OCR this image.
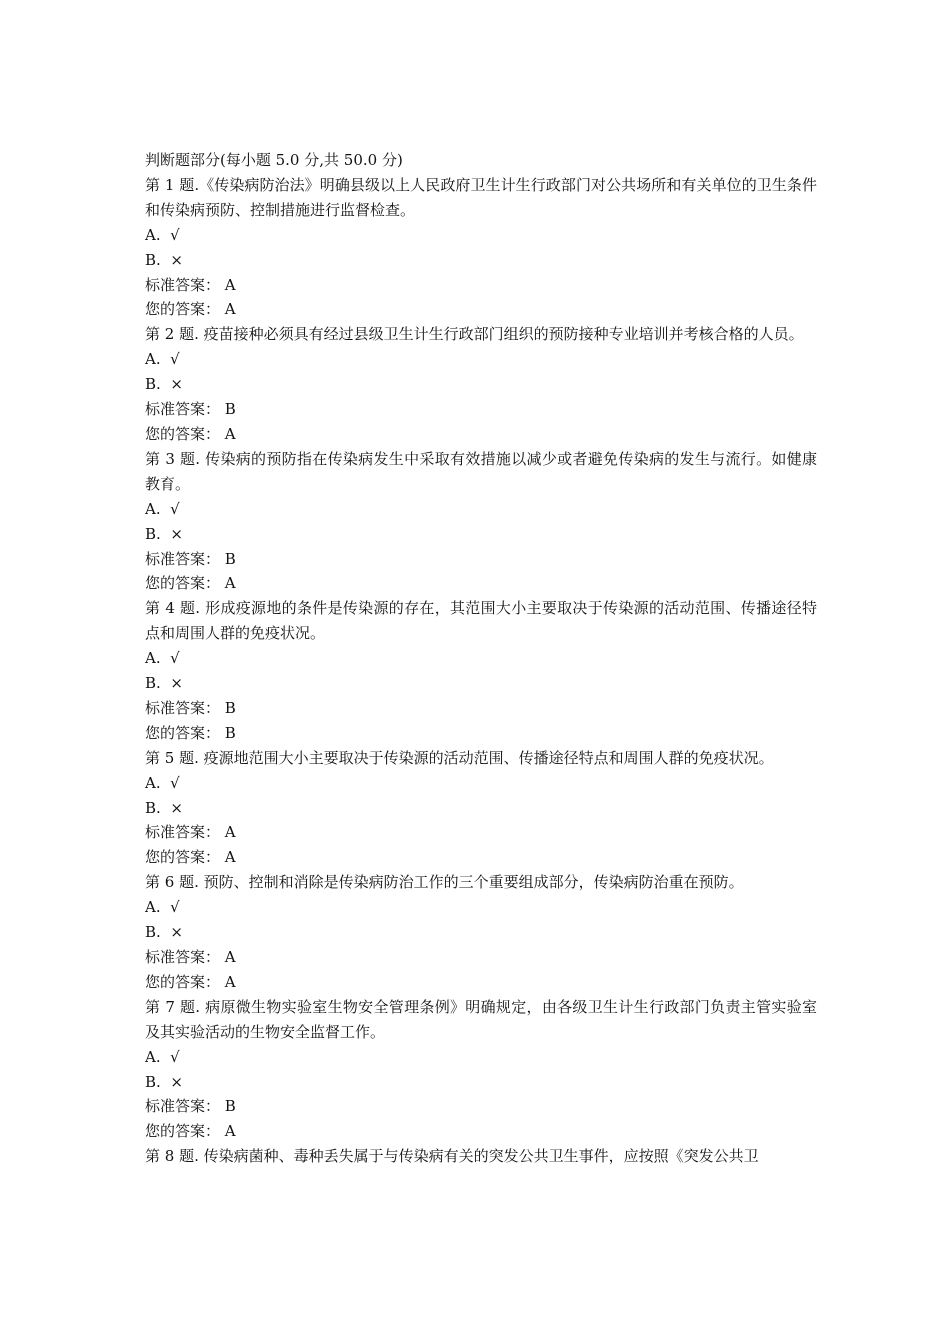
判断题部分(每小题 5.0 分,共 50.0 分)
第 1 题.《传染病防治法》明确县级以上人民政府卫生计生行政部门对公共场所和有关单位的卫生条件和传染病预防、控制措施进行监督检查。
A.  √
B.  ×
标准答案： A
您的答案： A
第 2 题. 疫苗接种必须具有经过县级卫生计生行政部门组织的预防接种专业培训并考核合格的人员。
A.  √
B.  ×
标准答案： B
您的答案： A
第 3 题. 传染病的预防指在传染病发生中采取有效措施以减少或者避免传染病的发生与流行。如健康教育。
A.  √
B.  ×
标准答案： B
您的答案： A
第 4 题. 形成疫源地的条件是传染源的存在，其范围大小主要取决于传染源的活动范围、传播途径特点和周围人群的免疫状况。
A.  √
B.  ×
标准答案： B
您的答案： B
第 5 题. 疫源地范围大小主要取决于传染源的活动范围、传播途径特点和周围人群的免疫状况。
A.  √
B.  ×
标准答案： A
您的答案： A
第 6 题. 预防、控制和消除是传染病防治工作的三个重要组成部分，传染病防治重在预防。
A.  √
B.  ×
标准答案： A
您的答案： A
第 7 题. 病原微生物实验室生物安全管理条例》明确规定，由各级卫生计生行政部门负责主管实验室及其实验活动的生物安全监督工作。
A.  √
B.  ×
标准答案： B
您的答案： A
第 8 题. 传染病菌种、毒种丢失属于与传染病有关的突发公共卫生事件，应按照《突发公共卫
